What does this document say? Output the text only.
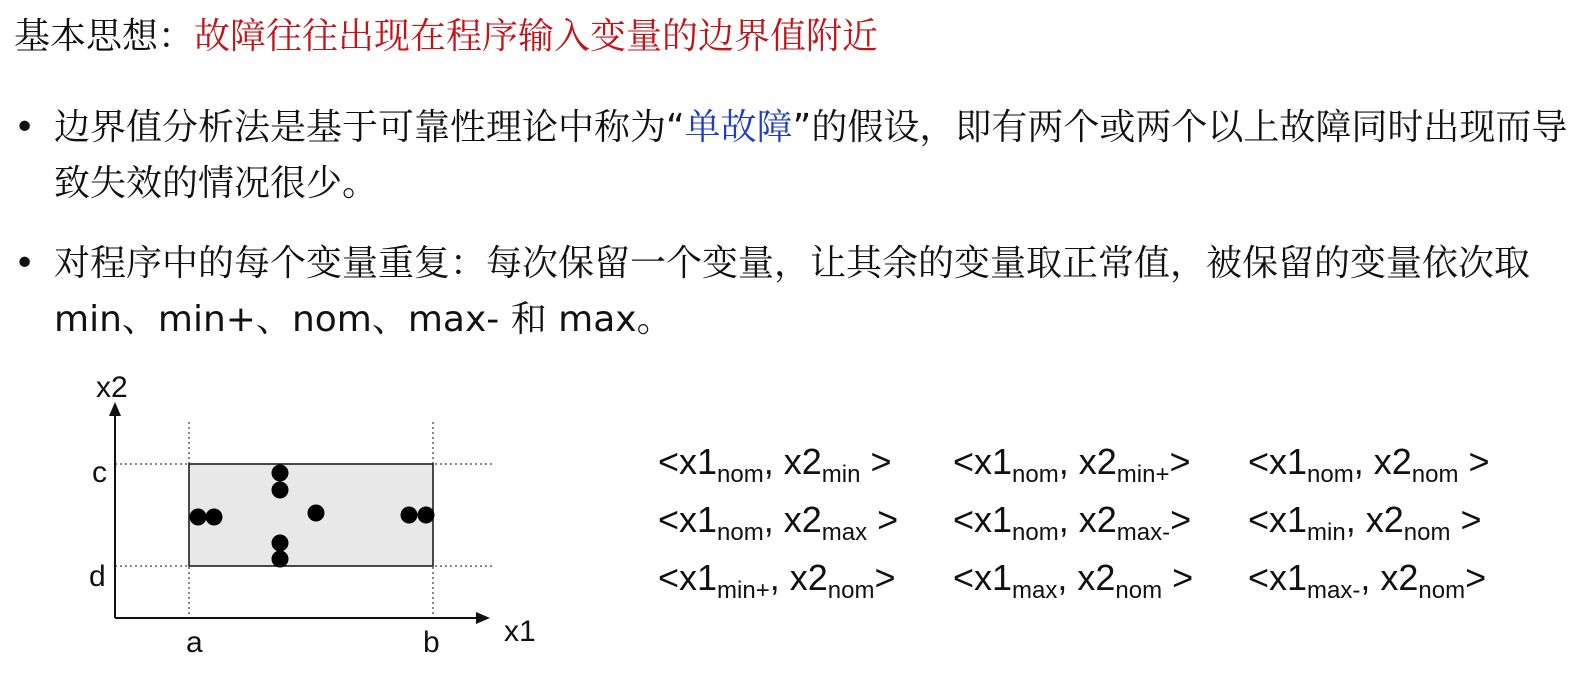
基本思想：故障往往出现在程序输入变量的边界值附近
• 边界值分析法是基于可靠性理论中称为“单故障”的假设，即有两个或两个以上故障同时出现而导致失效的情况很少。
• 对程序中的每个变量重复：每次保留一个变量，让其余的变量取正常值，被保留的变量依次取 min、min+、nom、max- 和 max。
x2
x1
a	b
c
d
$<x1_{nom}$, $x2_{min}$ >	$<x1_{nom}$, $x2_{min+}>$	$<x1_{nom}$, $x2_{nom}$ >
$<x1_{nom}$, $x2_{max}$ >	$<x1_{nom}$, $x2_{max-}>$	$<x1_{min}$, $x2_{nom}$ >
$<x1_{min+}$, $x2_{nom}>$	$<x1_{max}$, $x2_{nom}$ >	$<x1_{max-}$, $x2_{nom}>$
